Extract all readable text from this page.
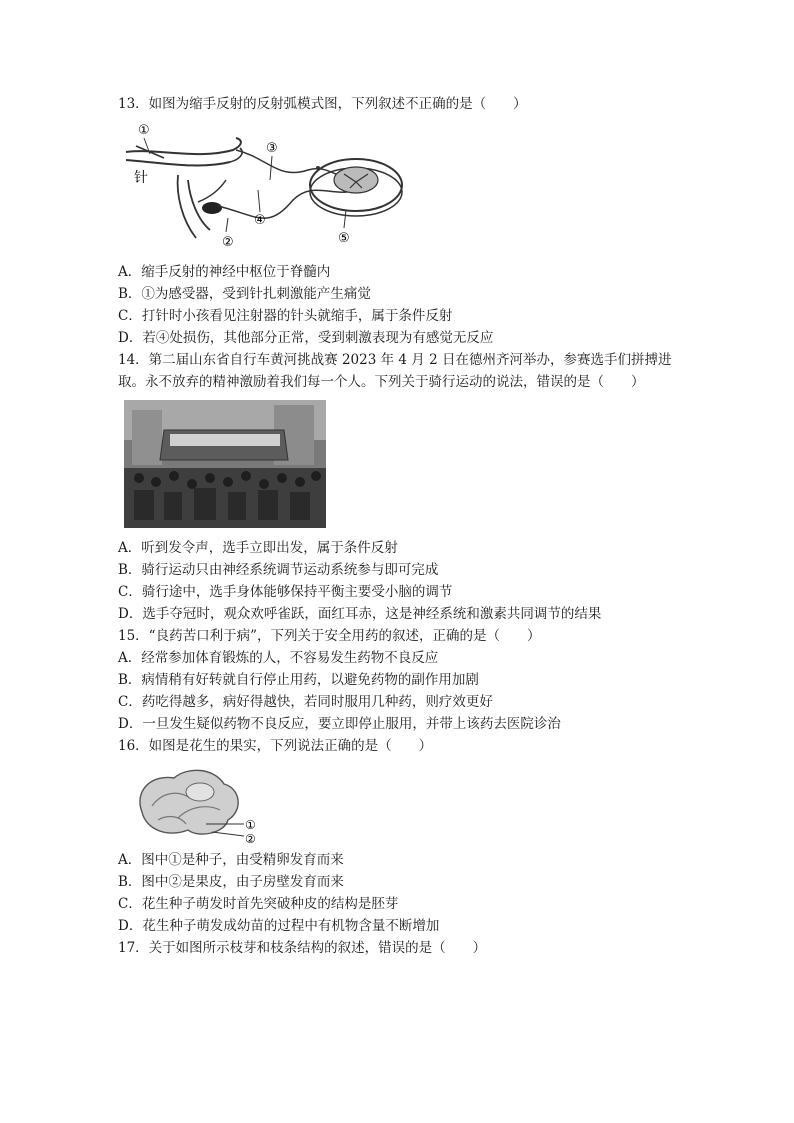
13．如图为缩手反射的反射弧模式图，下列叙述不正确的是（　　）
①
②
③
④
⑤
针
A．缩手反射的神经中枢位于脊髓内
B．①为感受器，受到针扎刺激能产生痛觉
C．打针时小孩看见注射器的针头就缩手，属于条件反射
D．若④处损伤，其他部分正常，受到刺激表现为有感觉无反应
14．第二届山东省自行车黄河挑战赛 2023 年 4 月 2 日在德州齐河举办，参赛选手们拼搏进
取。永不放弃的精神激励着我们每一个人。下列关于骑行运动的说法，错误的是（　　）
A．听到发令声，选手立即出发，属于条件反射
B．骑行运动只由神经系统调节运动系统参与即可完成
C．骑行途中，选手身体能够保持平衡主要受小脑的调节
D．选手夺冠时，观众欢呼雀跃，面红耳赤，这是神经系统和激素共同调节的结果
15．“良药苦口利于病”，下列关于安全用药的叙述，正确的是（　　）
A．经常参加体育锻炼的人，不容易发生药物不良反应
B．病情稍有好转就自行停止用药，以避免药物的副作用加剧
C．药吃得越多，病好得越快，若同时服用几种药，则疗效更好
D．一旦发生疑似药物不良反应，要立即停止服用，并带上该药去医院诊治
16．如图是花生的果实，下列说法正确的是（　　）
①
②
A．图中①是种子，由受精卵发育而来
B．图中②是果皮，由子房壁发育而来
C．花生种子萌发时首先突破种皮的结构是胚芽
D．花生种子萌发成幼苗的过程中有机物含量不断增加
17．关于如图所示枝芽和枝条结构的叙述，错误的是（　　）
